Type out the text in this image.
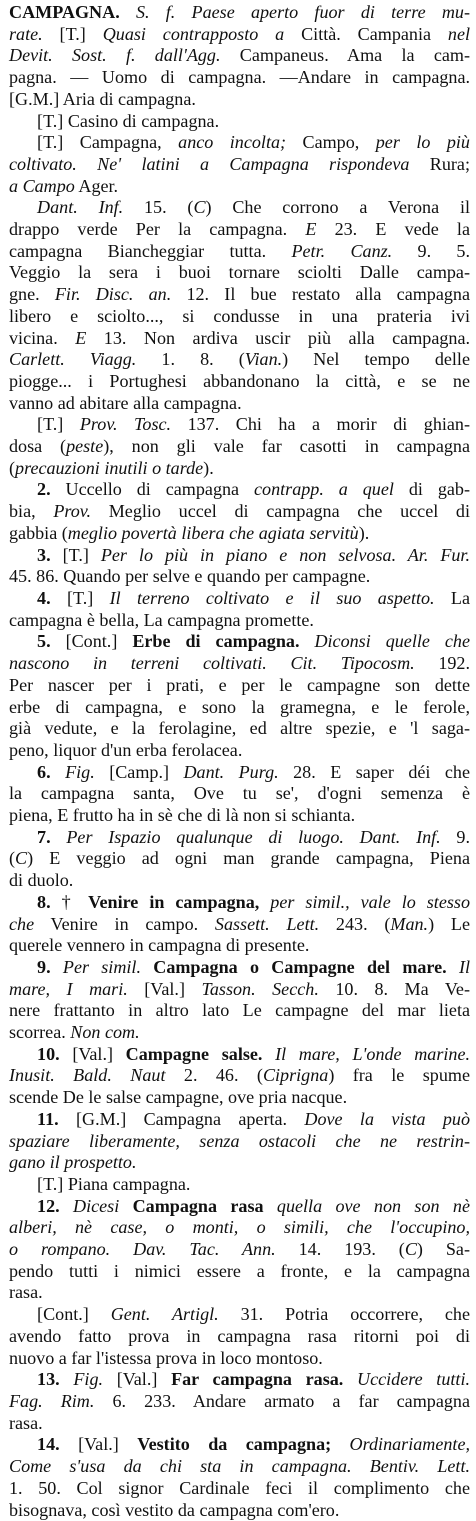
CAMPAGNA. S. f. Paese aperto fuor di terre mu-
rate. [T.] Quasi contrapposto a Città. Campania nel
Devit. Sost. f. dall'Agg. Campaneus. Ama la cam-
pagna. — Uomo di campagna. —Andare in campagna.
[G.M.] Aria di campagna.
[T.] Casino di campagna.
[T.] Campagna, anco incolta; Campo, per lo più
coltivato. Ne' latini a Campagna rispondeva Rura;
a Campo Ager.
Dant. Inf. 15. (C) Che corrono a Verona il
drappo verde Per la campagna. E 23. E vede la
campagna Biancheggiar tutta. Petr. Canz. 9. 5.
Veggio la sera i buoi tornare sciolti Dalle campa-
gne. Fir. Disc. an. 12. Il bue restato alla campagna
libero e sciolto..., si condusse in una prateria ivi
vicina. E 13. Non ardiva uscir più alla campagna.
Carlett. Viagg. 1. 8. (Vian.) Nel tempo delle
piogge... i Portughesi abbandonano la città, e se ne
vanno ad abitare alla campagna.
[T.] Prov. Tosc. 137. Chi ha a morir di ghian-
dosa (peste), non gli vale far casotti in campagna
(precauzioni inutili o tarde).
2. Uccello di campagna contrapp. a quel di gab-
bia, Prov. Meglio uccel di campagna che uccel di
gabbia (meglio povertà libera che agiata servitù).
3. [T.] Per lo più in piano e non selvosa. Ar. Fur.
45. 86. Quando per selve e quando per campagne.
4. [T.] Il terreno coltivato e il suo aspetto. La
campagna è bella, La campagna promette.
5. [Cont.] Erbe di campagna. Diconsi quelle che
nascono in terreni coltivati. Cit. Tipocosm. 192.
Per nascer per i prati, e per le campagne son dette
erbe di campagna, e sono la gramegna, e le ferole,
già vedute, e la ferolagine, ed altre spezie, e 'l saga-
peno, liquor d'un erba ferolacea.
6. Fig. [Camp.] Dant. Purg. 28. E saper déi che
la campagna santa, Ove tu se', d'ogni semenza è
piena, E frutto ha in sè che di là non si schianta.
7. Per Ispazio qualunque di luogo. Dant. Inf. 9.
(C) E veggio ad ogni man grande campagna, Piena
di duolo.
8. † Venire in campagna, per simil., vale lo stesso
che Venire in campo. Sassett. Lett. 243. (Man.) Le
querele vennero in campagna di presente.
9. Per simil. Campagna o Campagne del mare. Il
mare, I mari. [Val.] Tasson. Secch. 10. 8. Ma Ve-
nere frattanto in altro lato Le campagne del mar lieta
scorrea. Non com.
10. [Val.] Campagne salse. Il mare, L'onde marine.
Inusit. Bald. Naut 2. 46. (Ciprigna) fra le spume
scende De le salse campagne, ove pria nacque.
11. [G.M.] Campagna aperta. Dove la vista può
spaziare liberamente, senza ostacoli che ne restrin-
gano il prospetto.
[T.] Piana campagna.
12. Dicesi Campagna rasa quella ove non son nè
alberi, nè case, o monti, o simili, che l'occupino,
o rompano. Dav. Tac. Ann. 14. 193. (C) Sa-
pendo tutti i nimici essere a fronte, e la campagna
rasa.
[Cont.] Gent. Artigl. 31. Potria occorrere, che
avendo fatto prova in campagna rasa ritorni poi di
nuovo a far l'istessa prova in loco montoso.
13. Fig. [Val.] Far campagna rasa. Uccidere tutti.
Fag. Rim. 6. 233. Andare armato a far campagna
rasa.
14. [Val.] Vestito da campagna; Ordinariamente,
Come s'usa da chi sta in campagna. Bentiv. Lett.
1. 50. Col signor Cardinale feci il complimento che
bisognava, così vestito da campagna com'ero.
